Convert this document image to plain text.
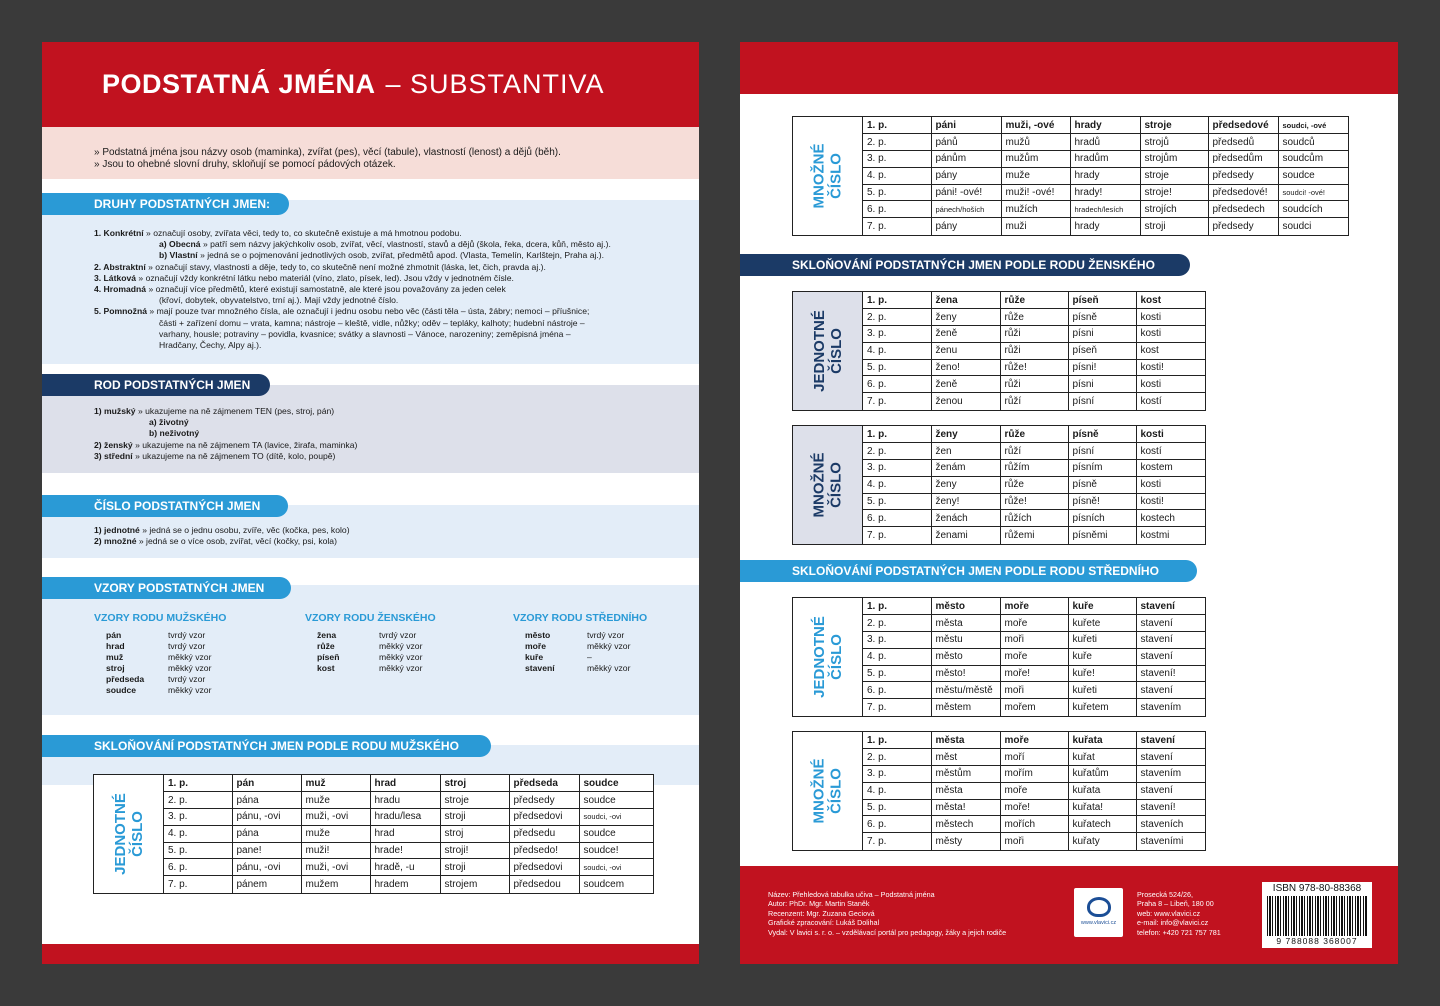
PODSTATNÁ JMÉNA – SUBSTANTIVA
» Podstatná jména jsou názvy osob (maminka), zvířat (pes), věcí (tabule), vlastností (lenost) a dějů (běh).
» Jsou to ohebné slovní druhy, skloňují se pomocí pádových otázek.
DRUHY PODSTATNÝCH JMEN:
1. Konkrétní » označují osoby, zvířata věci, tedy to, co skutečně existuje a má hmotnou podobu.
a) Obecná » patří sem názvy jakýchkoliv osob, zvířat, věcí, vlastností, stavů a dějů (škola, řeka, dcera, kůň, město aj.).
b) Vlastní » jedná se o pojmenování jednotlivých osob, zvířat, předmětů apod. (Vlasta, Temelín, Karlštejn, Praha aj.).
2. Abstraktní » označují stavy, vlastnosti a děje, tedy to, co skutečně není možné zhmotnit (láska, let, čich, pravda aj.).
3. Látková » označují vždy konkrétní látku nebo materiál (víno, zlato, písek, led). Jsou vždy v jednotném čísle.
4. Hromadná » označují více předmětů, které existují samostatně, ale které jsou považovány za jeden celek
(křoví, dobytek, obyvatelstvo, trní aj.). Mají vždy jednotné číslo.
5. Pomnožná » mají pouze tvar množného čísla, ale označují i jednu osobu nebo věc (části těla – ústa, žábry; nemoci – příušnice;
části + zařízení domu – vrata, kamna; nástroje – kleště, vidle, nůžky; oděv – tepláky, kalhoty; hudební nástroje –
varhany, housle; potraviny – povidla, kvasnice; svátky a slavnosti – Vánoce, narozeniny; zeměpisná jména –
Hradčany, Čechy, Alpy aj.).
ROD PODSTATNÝCH JMEN
1) mužský » ukazujeme na ně zájmenem TEN (pes, stroj, pán)
a) životný
b) neživotný
2) ženský » ukazujeme na ně zájmenem TA (lavice, žirafa, maminka)
3) střední » ukazujeme na ně zájmenem TO (dítě, kolo, poupě)
ČÍSLO PODSTATNÝCH JMEN
1) jednotné » jedná se o jednu osobu, zvíře, věc (kočka, pes, kolo)
2) množné » jedná se o více osob, zvířat, věcí (kočky, psi, kola)
VZORY PODSTATNÝCH JMEN
VZORY RODU MUŽSKÉHO
pán	tvrdý vzor
hrad	tvrdý vzor
muž	měkký vzor
stroj	měkký vzor
předseda	tvrdý vzor
soudce	měkký vzor
VZORY RODU ŽENSKÉHO
žena	tvrdý vzor
růže	měkký vzor
píseň	měkký vzor
kost	měkký vzor
VZORY RODU STŘEDNÍHO
město	tvrdý vzor
moře	měkký vzor
kuře	–
stavení	měkký vzor
SKLOŇOVÁNÍ PODSTATNÝCH JMEN PODLE RODU MUŽSKÉHO
JEDNOTNÉ ČÍSLO
1. p.	pán	muž	hrad	stroj	předseda	soudce
2. p.	pána	muže	hradu	stroje	předsedy	soudce
3. p.	pánu, -ovi	muži, -ovi	hradu/lesa	stroji	předsedovi	soudci, -ovi
4. p.	pána	muže	hrad	stroj	předsedu	soudce
5. p.	pane!	muži!	hrade!	stroji!	předsedo!	soudce!
6. p.	pánu, -ovi	muži, -ovi	hradě, -u	stroji	předsedovi	soudci, -ovi
7. p.	pánem	mužem	hradem	strojem	předsedou	soudcem
MNOŽNÉ ČÍSLO
1. p.	páni	muži, -ové	hrady	stroje	předsedové	soudci, -ové
2. p.	pánů	mužů	hradů	strojů	předsedů	soudců
3. p.	pánům	mužům	hradům	strojům	předsedům	soudcům
4. p.	pány	muže	hrady	stroje	předsedy	soudce
5. p.	páni! -ové!	muži! -ové!	hrady!	stroje!	předsedové!	soudci! -ové!
6. p.	pánech/hoších	mužích	hradech/lesích	strojích	předsedech	soudcích
7. p.	pány	muži	hrady	stroji	předsedy	soudci
SKLOŇOVÁNÍ PODSTATNÝCH JMEN PODLE RODU ŽENSKÉHO
JEDNOTNÉ ČÍSLO
1. p.	žena	růže	píseň	kost
2. p.	ženy	růže	písně	kosti
3. p.	ženě	růži	písni	kosti
4. p.	ženu	růži	píseň	kost
5. p.	ženo!	růže!	písni!	kosti!
6. p.	ženě	růži	písni	kosti
7. p.	ženou	růží	písní	kostí
MNOŽNÉ ČÍSLO
1. p.	ženy	růže	písně	kosti
2. p.	žen	růží	písní	kostí
3. p.	ženám	růžím	písním	kostem
4. p.	ženy	růže	písně	kosti
5. p.	ženy!	růže!	písně!	kosti!
6. p.	ženách	růžích	písních	kostech
7. p.	ženami	růžemi	písněmi	kostmi
SKLOŇOVÁNÍ PODSTATNÝCH JMEN PODLE RODU STŘEDNÍHO
JEDNOTNÉ ČÍSLO
1. p.	město	moře	kuře	stavení
2. p.	města	moře	kuřete	stavení
3. p.	městu	moři	kuřeti	stavení
4. p.	město	moře	kuře	stavení
5. p.	město!	moře!	kuře!	stavení!
6. p.	městu/městě	moři	kuřeti	stavení
7. p.	městem	mořem	kuřetem	stavením
MNOŽNÉ ČÍSLO
1. p.	města	moře	kuřata	stavení
2. p.	měst	moří	kuřat	stavení
3. p.	městům	mořím	kuřatům	stavením
4. p.	města	moře	kuřata	stavení
5. p.	města!	moře!	kuřata!	stavení!
6. p.	městech	mořích	kuřatech	staveních
7. p.	městy	moři	kuřaty	staveními
Název: Přehledová tabulka učiva – Podstatná jména
Autor: PhDr. Mgr. Martin Staněk
Recenzent: Mgr. Zuzana Geciová
Grafické zpracování: Lukáš Dolihal
Vydal: V lavici s. r. o. – vzdělávací portál pro pedagogy, žáky a jejich rodiče
www.vlavici.cz
Prosecká 524/26,
Praha 8 – Libeň, 180 00
web: www.vlavici.cz
e-mail: info@vlavici.cz
telefon: +420 721 757 781
ISBN 978-80-88368
9 788088 368007
